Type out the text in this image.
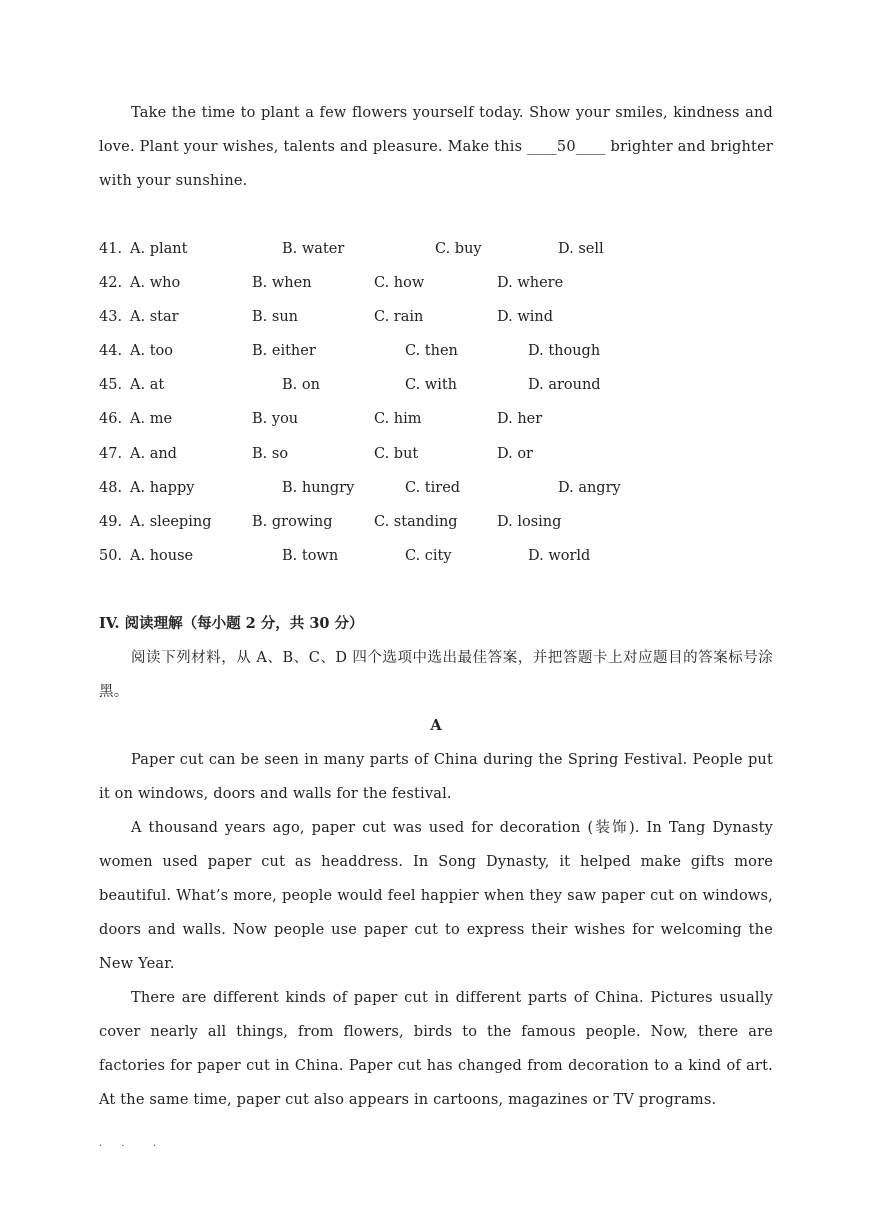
Take the time to plant a few flowers yourself today. Show your smiles, kindness and love. Plant your wishes, talents and pleasure. Make this ____50____ brighter and brighter with your sunshine.

41. A. plant	B. water	C. buy	D. sell
42. A. who	B. when	C. how	D. where
43. A. star	B. sun	C. rain	D. wind
44. A. too	B. either	C. then	D. though
45. A. at	B. on	C. with	D. around
46. A. me	B. you	C. him	D. her
47. A. and	B. so	C. but	D. or
48. A. happy	B. hungry	C. tired	D. angry
49. A. sleeping	B. growing	C. standing	D. losing
50. A. house	B. town	C. city	D. world

IV. 阅读理解（每小题 2 分，共 30 分）

阅读下列材料，从 A、B、C、D 四个选项中选出最佳答案，并把答题卡上对应题目的答案标号涂黑。

A

Paper cut can be seen in many parts of China during the Spring Festival. People put it on windows, doors and walls for the festival.

A thousand years ago, paper cut was used for decoration (装饰). In Tang Dynasty women used paper cut as headdress. In Song Dynasty, it helped make gifts more beautiful. What’s more, people would feel happier when they saw paper cut on windows, doors and walls. Now people use paper cut to express their wishes for welcoming the New Year.

There are different kinds of paper cut in different parts of China. Pictures usually cover nearly all things, from flowers, birds to the famous people. Now, there are factories for paper cut in China. Paper cut has changed from decoration to a kind of art. At the same time, paper cut also appears in cartoons, magazines or TV programs.

.      .         .
